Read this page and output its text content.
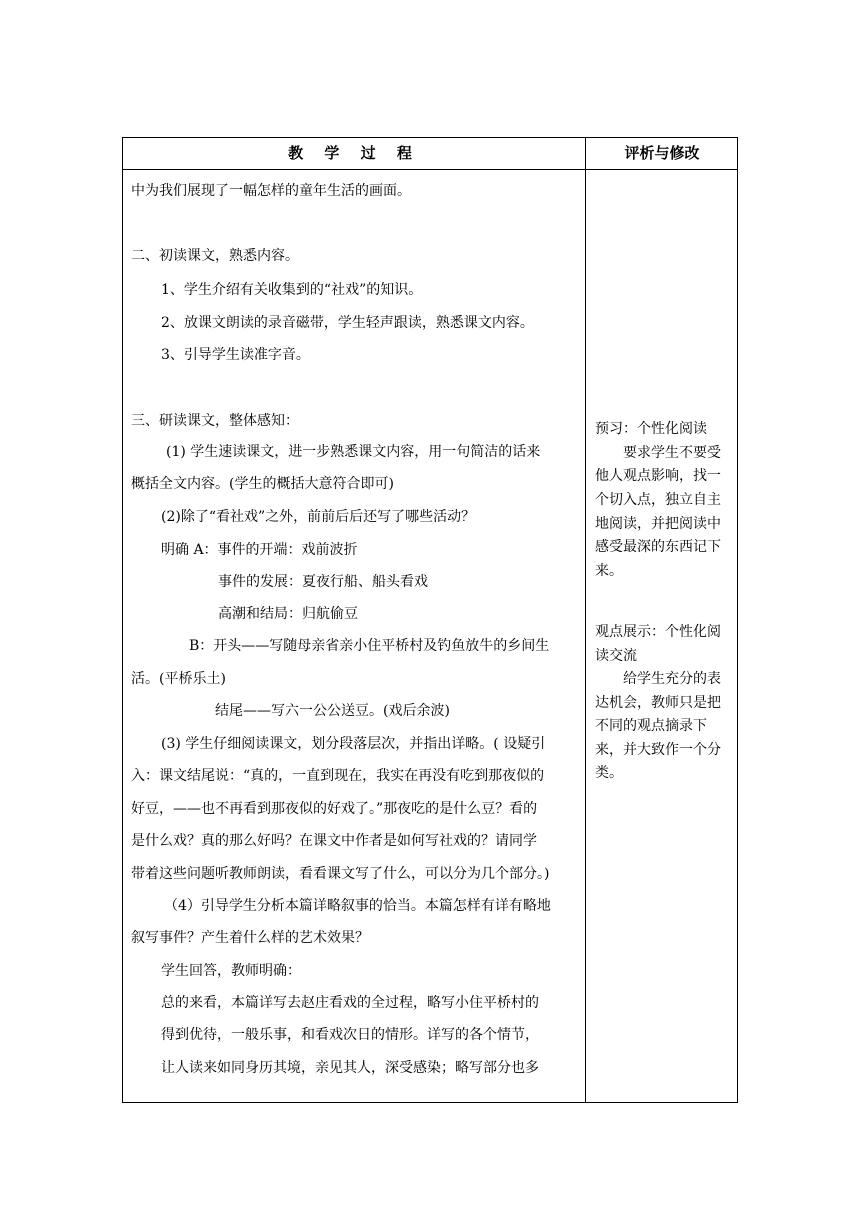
教 学 过 程	评析与修改
中为我们展现了一幅怎样的童年生活的画面。
二、初读课文，熟悉内容。
1、学生介绍有关收集到的“社戏”的知识。
2、放课文朗读的录音磁带，学生轻声跟读，熟悉课文内容。
3、引导学生读准字音。
三、研读课文，整体感知：
(1) 学生速读课文，进一步熟悉课文内容，用一句简洁的话来
概括全文内容。(学生的概括大意符合即可)
(2)除了“看社戏”之外，前前后后还写了哪些活动？
明确 A：事件的开端：戏前波折
事件的发展：夏夜行船、船头看戏
高潮和结局：归航偷豆
B：开头——写随母亲省亲小住平桥村及钓鱼放牛的乡间生
活。(平桥乐土)
结尾——写六一公公送豆。(戏后余波)
(3) 学生仔细阅读课文，划分段落层次，并指出详略。( 设疑引
入：课文结尾说：“真的，一直到现在，我实在再没有吃到那夜似的
好豆，——也不再看到那夜似的好戏了。”那夜吃的是什么豆？看的
是什么戏？真的那么好吗？在课文中作者是如何写社戏的？请同学
带着这些问题听教师朗读，看看课文写了什么，可以分为几个部分。)
（4）引导学生分析本篇详略叙事的恰当。本篇怎样有详有略地
叙写事件？产生着什么样的艺术效果？
学生回答，教师明确：
总的来看，本篇详写去赵庄看戏的全过程，略写小住平桥村的
得到优待，一般乐事，和看戏次日的情形。详写的各个情节，
让人读来如同身历其境，亲见其人，深受感染；略写部分也多
预习：个性化阅读
要求学生不要受
他人观点影响，找一
个切入点，独立自主
地阅读，并把阅读中
感受最深的东西记下
来。
观点展示：个性化阅
读交流
给学生充分的表
达机会，教师只是把
不同的观点摘录下
来，并大致作一个分
类。
